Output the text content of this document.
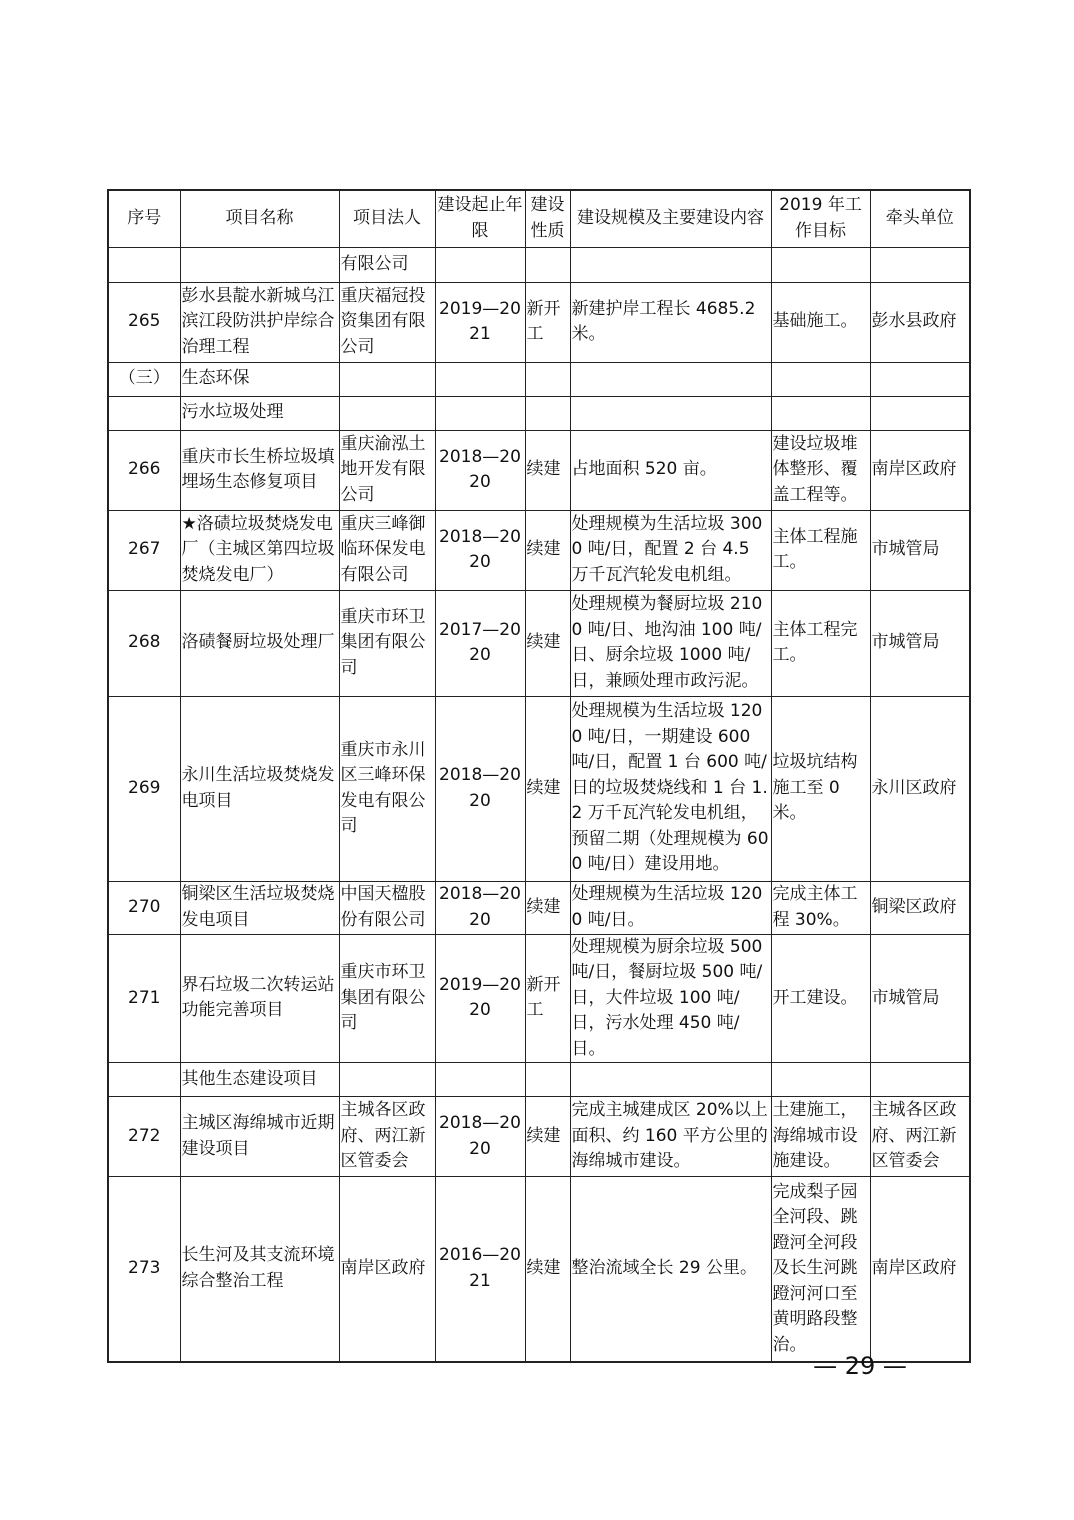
序号	项目名称	项目法人	建设起止年限	建设性质	建设规模及主要建设内容	2019 年工作目标	牵头单位
		有限公司					
265	彭水县靛水新城乌江滨江段防洪护岸综合治理工程	重庆福冠投资集团有限公司	2019—2021	新开工	新建护岸工程长 4685.2 米。	基础施工。	彭水县政府
（三）	生态环保						
	污水垃圾处理						
266	重庆市长生桥垃圾填埋场生态修复项目	重庆渝泓土地开发有限公司	2018—2020	续建	占地面积 520 亩。	建设垃圾堆体整形、覆盖工程等。	南岸区政府
267	★洛碛垃圾焚烧发电厂（主城区第四垃圾焚烧发电厂）	重庆三峰御临环保发电有限公司	2018—2020	续建	处理规模为生活垃圾 3000 吨/日，配置 2 台 4.5 万千瓦汽轮发电机组。	主体工程施工。	市城管局
268	洛碛餐厨垃圾处理厂	重庆市环卫集团有限公司	2017—2020	续建	处理规模为餐厨垃圾 2100 吨/日、地沟油 100 吨/日、厨余垃圾 1000 吨/日，兼顾处理市政污泥。	主体工程完工。	市城管局
269	永川生活垃圾焚烧发电项目	重庆市永川区三峰环保发电有限公司	2018—2020	续建	处理规模为生活垃圾 1200 吨/日，一期建设 600 吨/日，配置 1 台 600 吨/日的垃圾焚烧线和 1 台 1.2 万千瓦汽轮发电机组，预留二期（处理规模为 600 吨/日）建设用地。	垃圾坑结构施工至 0 米。	永川区政府
270	铜梁区生活垃圾焚烧发电项目	中国天楹股份有限公司	2018—2020	续建	处理规模为生活垃圾 1200 吨/日。	完成主体工程 30%。	铜梁区政府
271	界石垃圾二次转运站功能完善项目	重庆市环卫集团有限公司	2019—2020	新开工	处理规模为厨余垃圾 500 吨/日，餐厨垃圾 500 吨/日，大件垃圾 100 吨/日，污水处理 450 吨/日。	开工建设。	市城管局
	其他生态建设项目						
272	主城区海绵城市近期建设项目	主城各区政府、两江新区管委会	2018—2020	续建	完成主城建成区 20%以上面积、约 160 平方公里的海绵城市建设。	土建施工，海绵城市设施建设。	主城各区政府、两江新区管委会
273	长生河及其支流环境综合整治工程	南岸区政府	2016—2021	续建	整治流域全长 29 公里。	完成梨子园全河段、跳蹬河全河段及长生河跳蹬河河口至黄明路段整治。	南岸区政府
— 29 —
